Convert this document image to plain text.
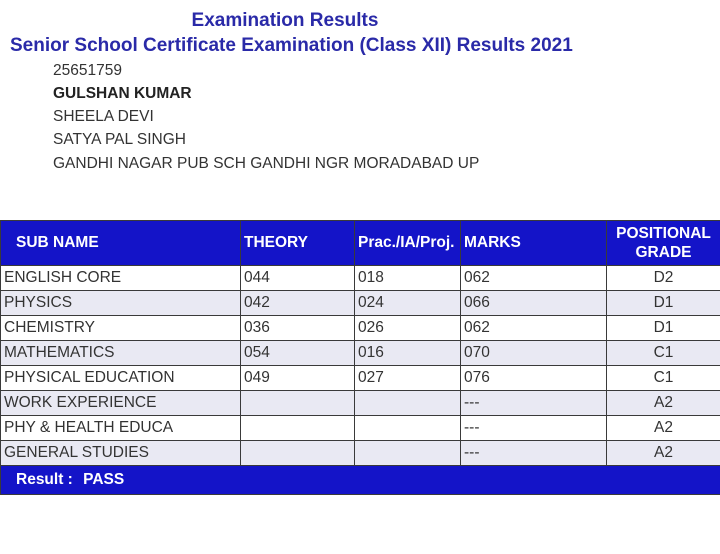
Examination Results
Senior School Certificate Examination (Class XII) Results 2021
25651759
GULSHAN KUMAR
SHEELA DEVI
SATYA PAL SINGH
GANDHI NAGAR PUB SCH GANDHI NGR MORADABAD UP
SUB NAME	THEORY	Prac./IA/Proj.	MARKS	POSITIONAL GRADE
ENGLISH CORE	044	018	062	D2
PHYSICS	042	024	066	D1
CHEMISTRY	036	026	062	D1
MATHEMATICS	054	016	070	C1
PHYSICAL EDUCATION	049	027	076	C1
WORK EXPERIENCE			---	A2
PHY & HEALTH EDUCA			---	A2
GENERAL STUDIES			---	A2
Result : PASS				
